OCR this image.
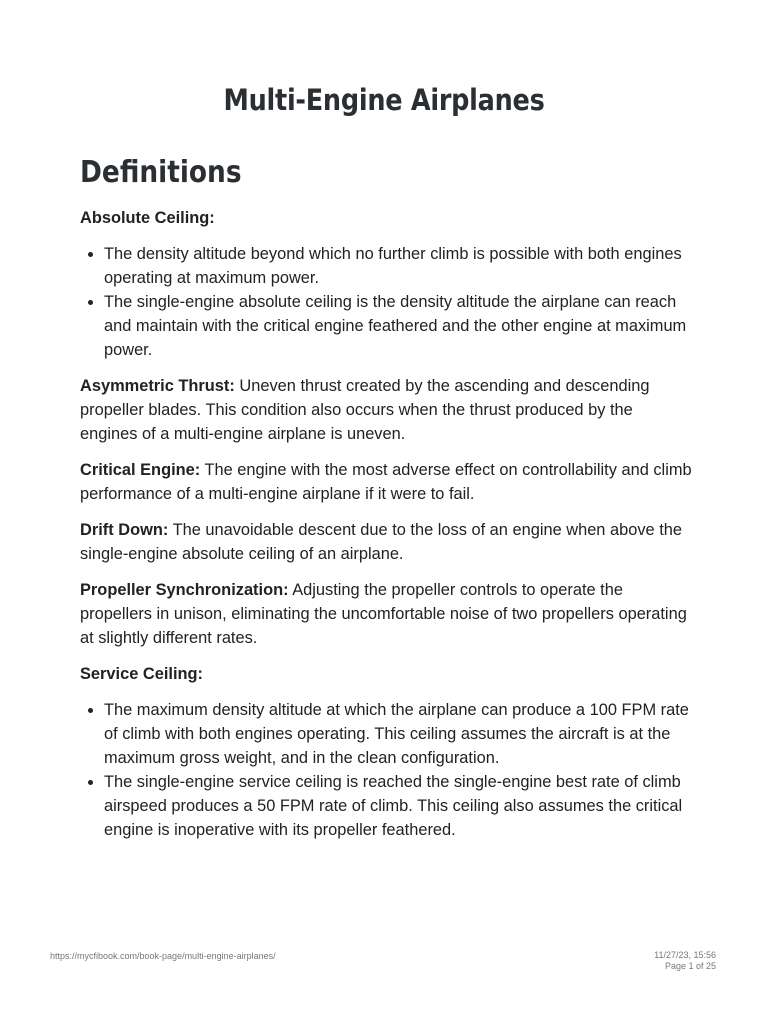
Multi-Engine Airplanes
Definitions

Absolute Ceiling:

• The density altitude beyond which no further climb is possible with both engines operating at maximum power.
• The single-engine absolute ceiling is the density altitude the airplane can reach and maintain with the critical engine feathered and the other engine at maximum power.

Asymmetric Thrust: Uneven thrust created by the ascending and descending propeller blades. This condition also occurs when the thrust produced by the engines of a multi-engine airplane is uneven.

Critical Engine: The engine with the most adverse effect on controllability and climb performance of a multi-engine airplane if it were to fail.

Drift Down: The unavoidable descent due to the loss of an engine when above the single-engine absolute ceiling of an airplane.

Propeller Synchronization: Adjusting the propeller controls to operate the propellers in unison, eliminating the uncomfortable noise of two propellers operating at slightly different rates.

Service Ceiling:

• The maximum density altitude at which the airplane can produce a 100 FPM rate of climb with both engines operating. This ceiling assumes the aircraft is at the maximum gross weight, and in the clean configuration.
• The single-engine service ceiling is reached the single-engine best rate of climb airspeed produces a 50 FPM rate of climb. This ceiling also assumes the critical engine is inoperative with its propeller feathered.
https://mycfibook.com/book-page/multi-engine-airplanes/	11/27/23, 15:56
Page 1 of 25
